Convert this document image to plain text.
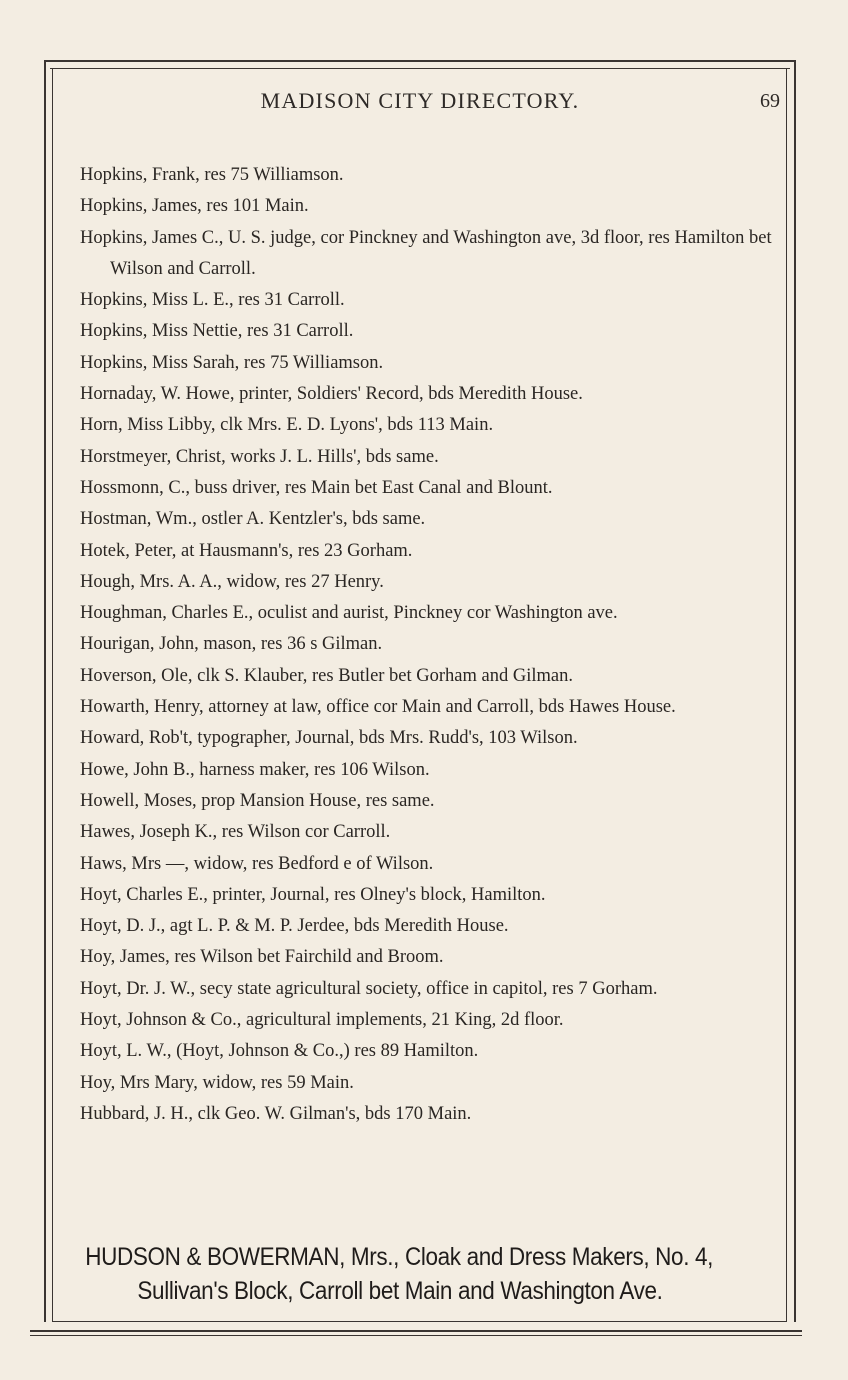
MADISON CITY DIRECTORY.	69

Hopkins, Frank, res 75 Williamson.

Hopkins, James, res 101 Main.

Hopkins, James C., U. S. judge, cor Pinckney and Washington ave, 3d floor, res Hamilton bet Wilson and Carroll.

Hopkins, Miss L. E., res 31 Carroll.

Hopkins, Miss Nettie, res 31 Carroll.

Hopkins, Miss Sarah, res 75 Williamson.

Hornaday, W. Howe, printer, Soldiers' Record, bds Meredith House.

Horn, Miss Libby, clk Mrs. E. D. Lyons', bds 113 Main.

Horstmeyer, Christ, works J. L. Hills', bds same.

Hossmonn, C., buss driver, res Main bet East Canal and Blount.

Hostman, Wm., ostler A. Kentzler's, bds same.

Hotek, Peter, at Hausmann's, res 23 Gorham.

Hough, Mrs. A. A., widow, res 27 Henry.

Houghman, Charles E., oculist and aurist, Pinckney cor Washington ave.

Hourigan, John, mason, res 36 s Gilman.

Hoverson, Ole, clk S. Klauber, res Butler bet Gorham and Gilman.

Howarth, Henry, attorney at law, office cor Main and Carroll, bds Hawes House.

Howard, Rob't, typographer, Journal, bds Mrs. Rudd's, 103 Wilson.

Howe, John B., harness maker, res 106 Wilson.

Howell, Moses, prop Mansion House, res same.

Hawes, Joseph K., res Wilson cor Carroll.

Haws, Mrs —, widow, res Bedford e of Wilson.

Hoyt, Charles E., printer, Journal, res Olney's block, Hamilton.

Hoyt, D. J., agt L. P. & M. P. Jerdee, bds Meredith House.

Hoy, James, res Wilson bet Fairchild and Broom.

Hoyt, Dr. J. W., secy state agricultural society, office in capitol, res 7 Gorham.

Hoyt, Johnson & Co., agricultural implements, 21 King, 2d floor.

Hoyt, L. W., (Hoyt, Johnson & Co.,) res 89 Hamilton.

Hoy, Mrs Mary, widow, res 59 Main.

Hubbard, J. H., clk Geo. W. Gilman's, bds 170 Main.

HUDSON & BOWERMAN, Mrs., Cloak and Dress Makers, No. 4,
Sullivan's Block, Carroll bet Main and Washington Ave.
